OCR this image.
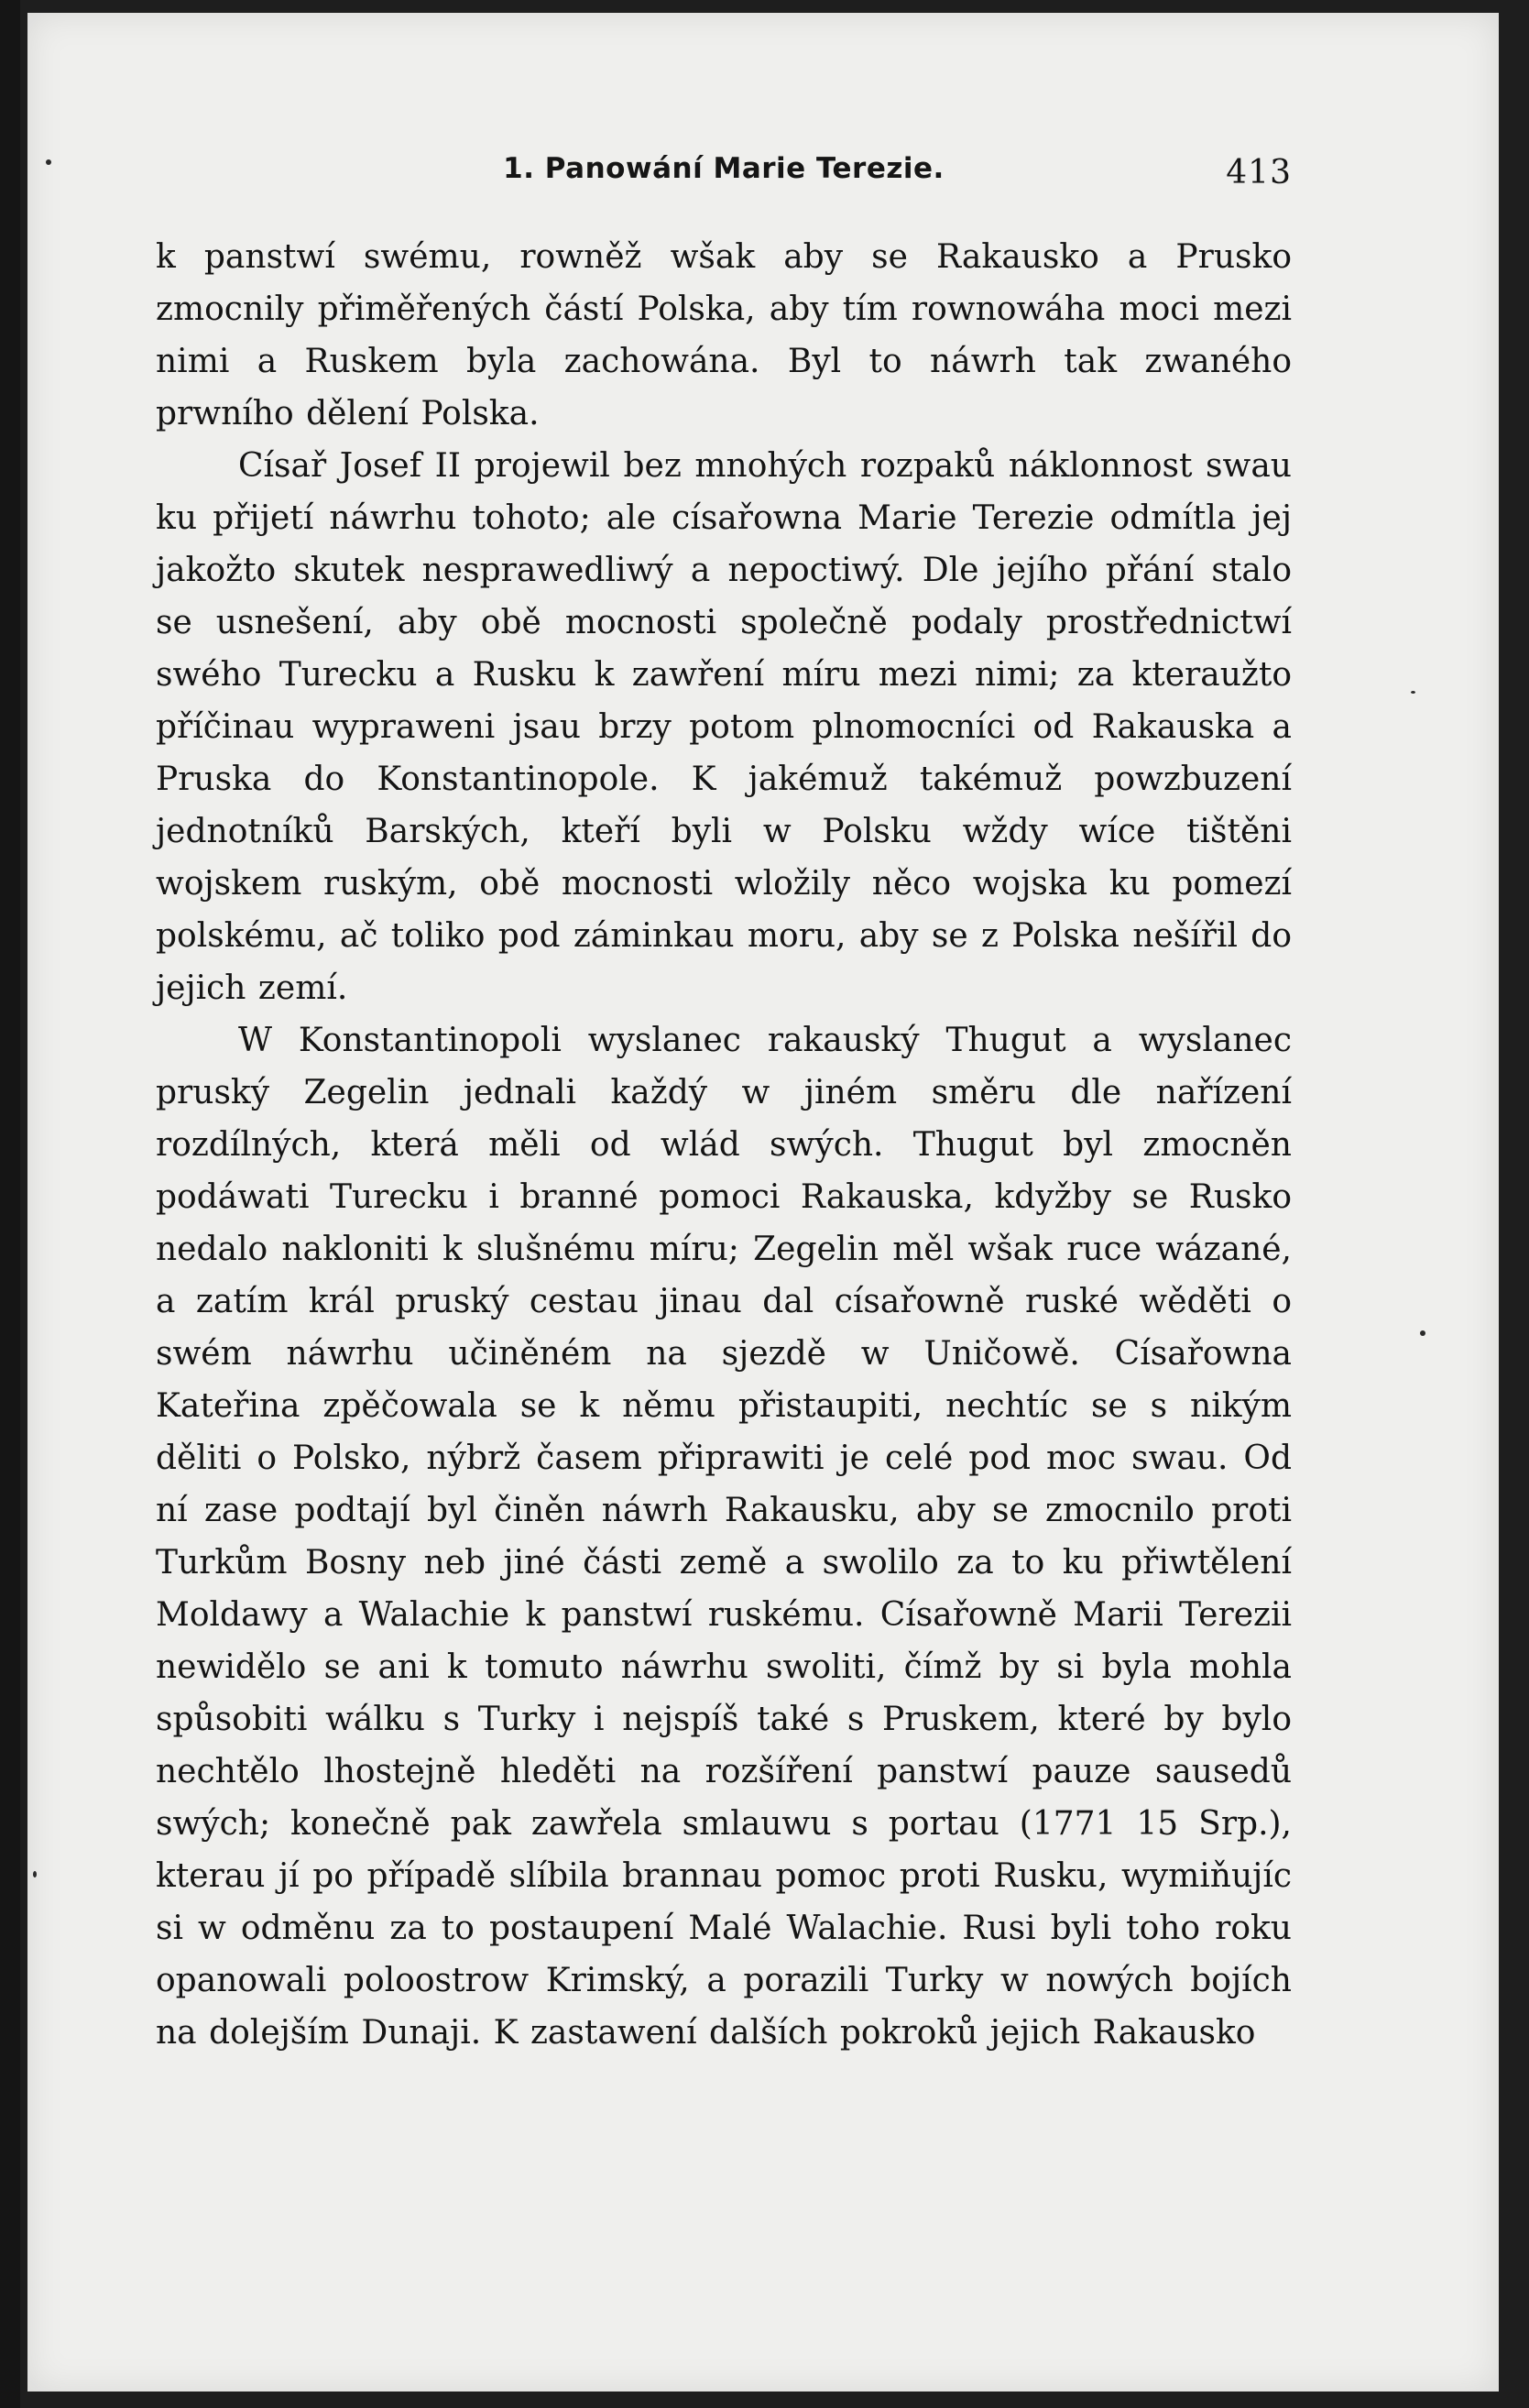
1. Panowání Marie Terezie.	413

k panstwí swému, rowněž wšak aby se Rakausko a Prusko zmocnily přiměřených částí Polska, aby tím rownowáha moci mezi nimi a Ruskem byla zachowána. Byl to náwrh tak zwaného prwního dělení Polska.

Císař Josef II projewil bez mnohých rozpaků náklonnost swau ku přijetí náwrhu tohoto; ale císařowna Marie Terezie odmítla jej jakožto skutek nesprawedliwý a nepoctiwý. Dle jejího přání stalo se usnešení, aby obě mocnosti společně podaly prostřednictwí swého Turecku a Rusku k zawření míru mezi nimi; za kteraužto příčinau wypraweni jsau brzy potom plnomocníci od Rakauska a Pruska do Konstantinopole. K jakémuž takémuž powzbuzení jednotníků Barských, kteří byli w Polsku wždy wíce tištěni wojskem ruským, obě mocnosti wložily něco wojska ku pomezí polskému, ač toliko pod záminkau moru, aby se z Polska nešířil do jejich zemí.

W Konstantinopoli wyslanec rakauský Thugut a wyslanec pruský Zegelin jednali každý w jiném směru dle nařízení rozdílných, která měli od wlád swých. Thugut byl zmocněn podáwati Turecku i branné pomoci Rakauska, kdyžby se Rusko nedalo nakloniti k slušnému míru; Zegelin měl wšak ruce wázané, a zatím král pruský cestau jinau dal císařowně ruské wěděti o swém náwrhu učiněném na sjezdě w Uničowě. Císařowna Kateřina zpěčowala se k němu přistaupiti, nechtíc se s nikým děliti o Polsko, nýbrž časem připrawiti je celé pod moc swau. Od ní zase podtají byl činěn náwrh Rakausku, aby se zmocnilo proti Turkům Bosny neb jiné části země a swolilo za to ku přiwtělení Moldawy a Walachie k panstwí ruskému. Císařowně Marii Terezii newidělo se ani k tomuto náwrhu swoliti, čímž by si byla mohla spůsobiti wálku s Turky i nejspíš také s Pruskem, které by bylo nechtělo lhostejně hleděti na rozšíření panstwí pauze sausedů swých; konečně pak zawřela smlauwu s portau (1771 15 Srp.), kterau jí po případě slíbila brannau pomoc proti Rusku, wymiňujíc si w odměnu za to postaupení Malé Walachie. Rusi byli toho roku opanowali poloostrow Krimský, a porazili Turky w nowých bojích na dolejším Dunaji. K zastawení dalších pokroků jejich Rakausko
